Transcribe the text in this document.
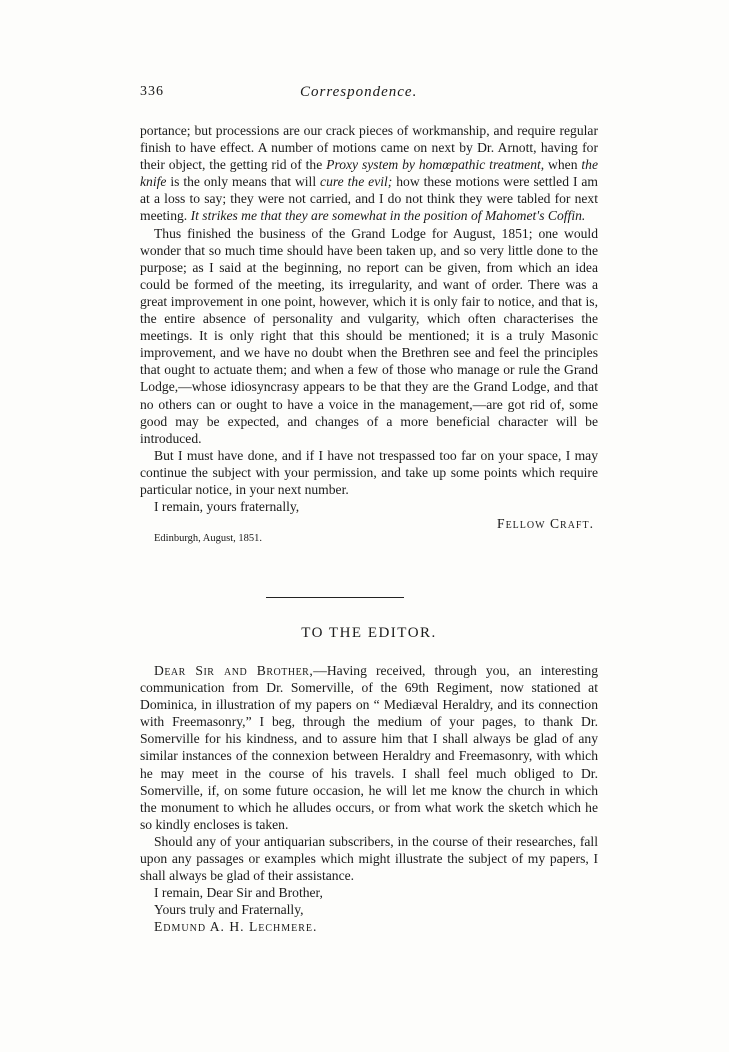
336	Correspondence.

portance; but processions are our crack pieces of workmanship, and require regular finish to have effect. A number of motions came on next by Dr. Arnott, having for their object, the getting rid of the Proxy system by homœpathic treatment, when the knife is the only means that will cure the evil; how these motions were settled I am at a loss to say; they were not carried, and I do not think they were tabled for next meeting. It strikes me that they are somewhat in the position of Mahomet's Coffin.

Thus finished the business of the Grand Lodge for August, 1851; one would wonder that so much time should have been taken up, and so very little done to the purpose; as I said at the beginning, no report can be given, from which an idea could be formed of the meeting, its irregularity, and want of order. There was a great improvement in one point, however, which it is only fair to notice, and that is, the entire absence of personality and vulgarity, which often characterises the meetings. It is only right that this should be mentioned; it is a truly Masonic improvement, and we have no doubt when the Brethren see and feel the principles that ought to actuate them; and when a few of those who manage or rule the Grand Lodge,—whose idiosyncrasy appears to be that they are the Grand Lodge, and that no others can or ought to have a voice in the management,—are got rid of, some good may be expected, and changes of a more beneficial character will be introduced.

But I must have done, and if I have not trespassed too far on your space, I may continue the subject with your permission, and take up some points which require particular notice, in your next number.

I remain, yours fraternally,

Fellow Craft.

Edinburgh, August, 1851.

TO THE EDITOR.

Dear Sir and Brother,—Having received, through you, an interesting communication from Dr. Somerville, of the 69th Regiment, now stationed at Dominica, in illustration of my papers on “ Mediæval Heraldry, and its connection with Freemasonry,” I beg, through the medium of your pages, to thank Dr. Somerville for his kindness, and to assure him that I shall always be glad of any similar instances of the connexion between Heraldry and Freemasonry, with which he may meet in the course of his travels. I shall feel much obliged to Dr. Somerville, if, on some future occasion, he will let me know the church in which the monument to which he alludes occurs, or from what work the sketch which he so kindly encloses is taken.

Should any of your antiquarian subscribers, in the course of their researches, fall upon any passages or examples which might illustrate the subject of my papers, I shall always be glad of their assistance.

I remain, Dear Sir and Brother,

Yours truly and Fraternally,

Edmund A. H. Lechmere.
